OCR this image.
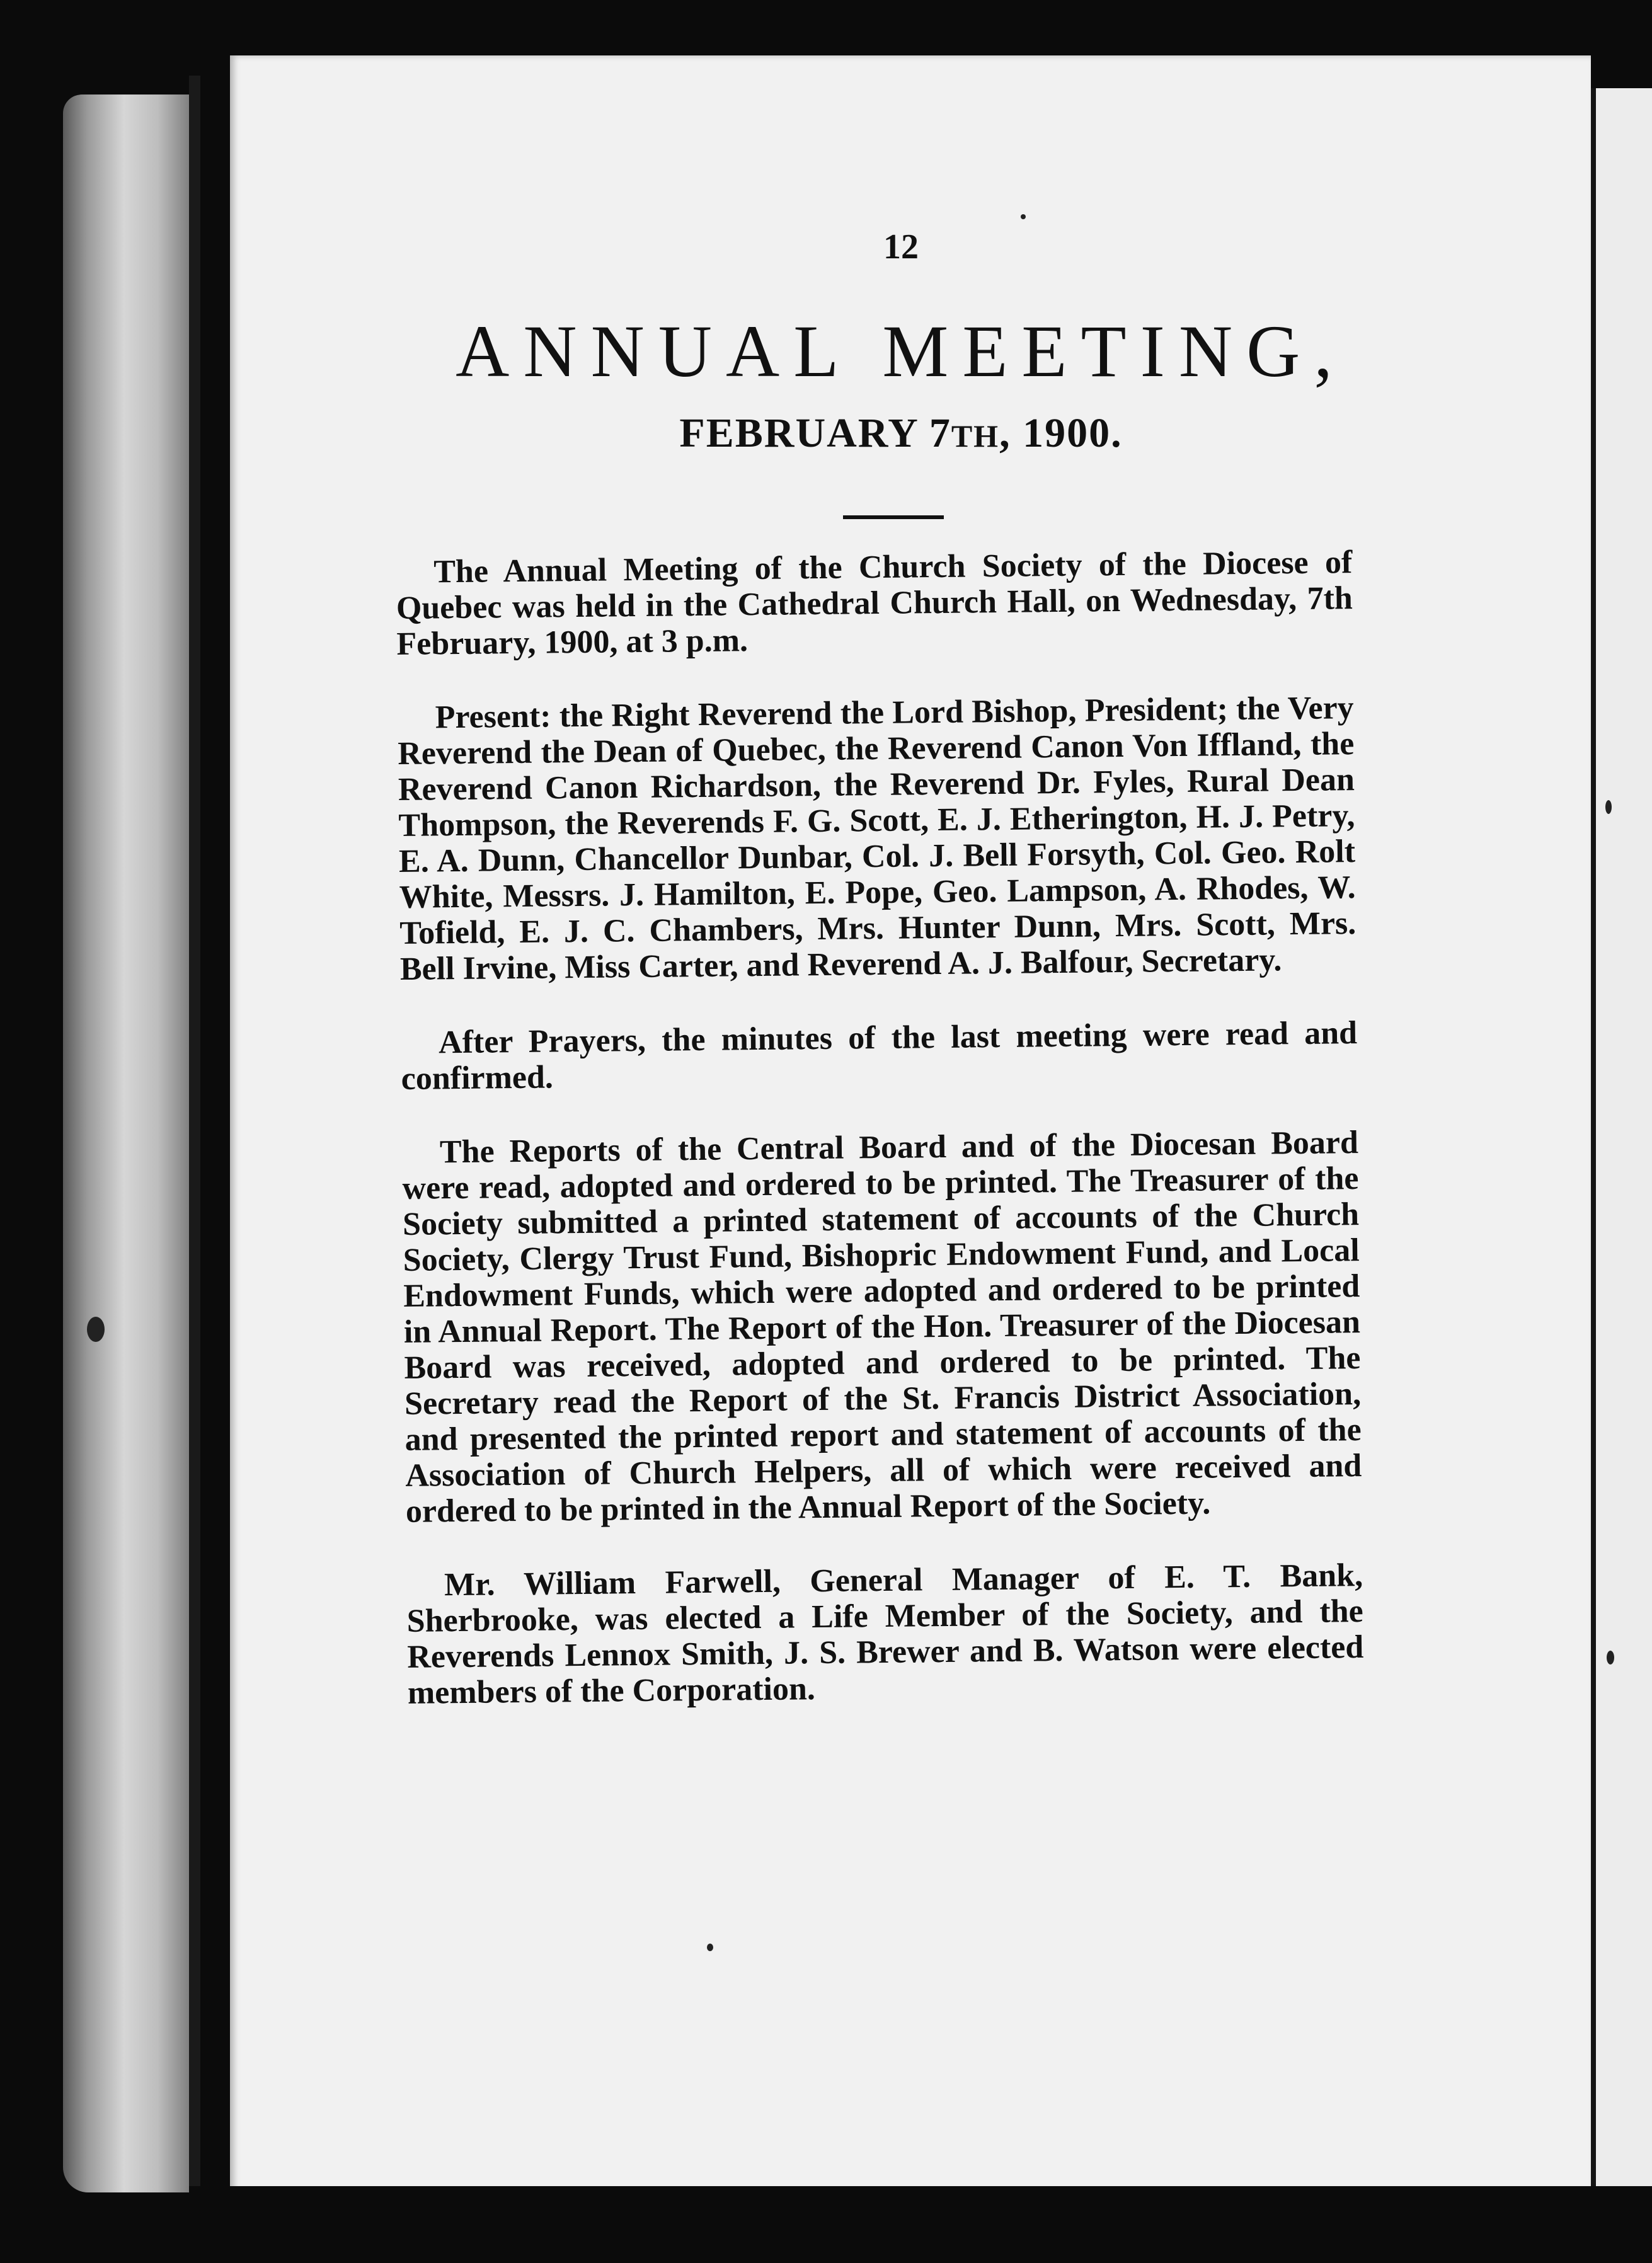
12
ANNUAL MEETING,
FEBRUARY 7TH, 1900.

The Annual Meeting of the Church Society of the Diocese of Quebec was held in the Cathedral Church Hall, on Wednesday, 7th February, 1900, at 3 p.m.

Present: the Right Reverend the Lord Bishop, President; the Very Reverend the Dean of Quebec, the Reverend Canon Von Iffland, the Reverend Canon Richardson, the Reverend Dr. Fyles, Rural Dean Thompson, the Reverends F. G. Scott, E. J. Etherington, H. J. Petry, E. A. Dunn, Chancellor Dunbar, Col. J. Bell Forsyth, Col. Geo. Rolt White, Messrs. J. Hamilton, E. Pope, Geo. Lampson, A. Rhodes, W. Tofield, E. J. C. Chambers, Mrs. Hunter Dunn, Mrs. Scott, Mrs. Bell Irvine, Miss Carter, and Reverend A. J. Balfour, Secretary.

After Prayers, the minutes of the last meeting were read and confirmed.

The Reports of the Central Board and of the Diocesan Board were read, adopted and ordered to be printed. The Treasurer of the Society submitted a printed statement of accounts of the Church Society, Clergy Trust Fund, Bishopric Endowment Fund, and Local Endowment Funds, which were adopted and ordered to be printed in Annual Report. The Report of the Hon. Treasurer of the Diocesan Board was received, adopted and ordered to be printed. The Secretary read the Report of the St. Francis District Association, and presented the printed report and statement of accounts of the Association of Church Helpers, all of which were received and ordered to be printed in the Annual Report of the Society.

Mr. William Farwell, General Manager of E. T. Bank, Sherbrooke, was elected a Life Member of the Society, and the Reverends Lennox Smith, J. S. Brewer and B. Watson were elected members of the Corporation.
